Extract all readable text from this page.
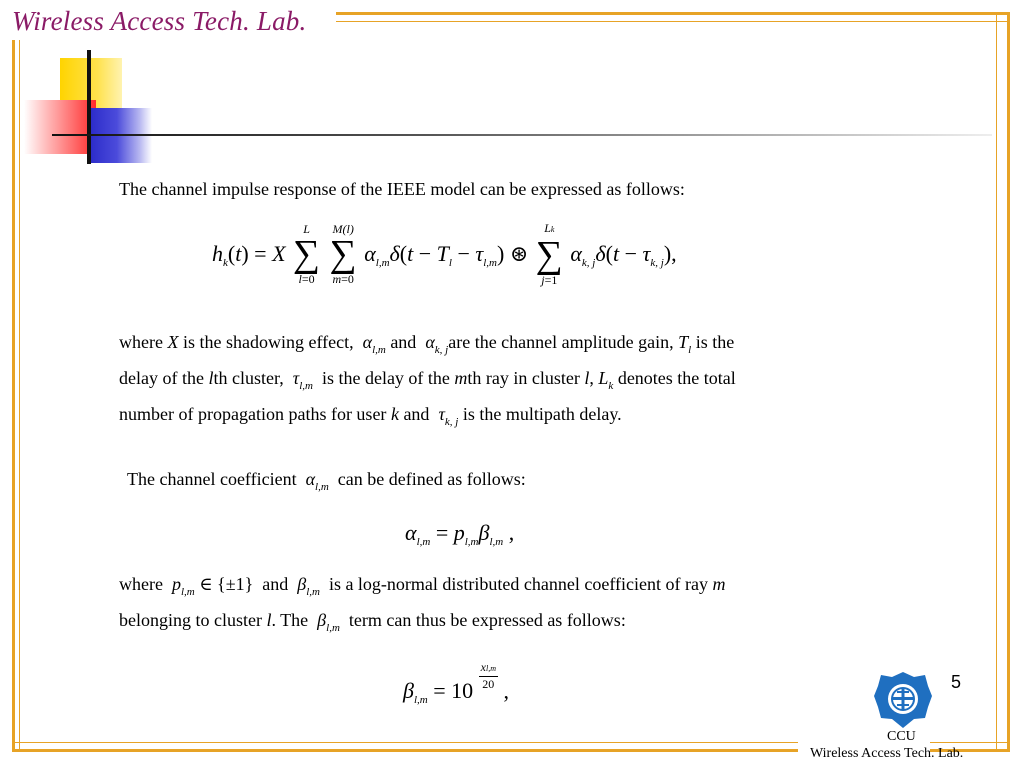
Wireless Access Tech. Lab.
The channel impulse response of the IEEE model can be expressed as follows:
$h_k(t) = X$
L
∑
l=0

M(l)
∑
m=0
$\alpha_{l,m}\delta(t - T_l - \tau_{l,m})$ ⊛
Lk
∑
j=1
$\alpha_{k, j}\delta(t - \tau_{k, j})$,
where X is the shadowing effect,  $\alpha_{l,m}$ and  $\alpha_{k, j}are$ the channel amplitude gain, $T_l$ is the
delay of the lth cluster,  $\tau_{l,m}$  is the delay of the mth ray in cluster l, $L_k$ denotes the total
number of propagation paths for user k and  $\tau_{k, j}$ is the multipath delay.
The channel coefficient  $\alpha_{l,m}$  can be defined as follows:
$\alpha_{l,m} = p_{l,m}\beta_{l,m}$ ,
where  $p_{l,m}$ ∈ {±1}  and  $\beta_{l,m}$  is a log-normal distributed channel coefficient of ray m
belonging to cluster l. The  $\beta_{l,m}$  term can thus be expressed as follows:
$\beta_{l,m} = 10 \frac{xl,m}{20}$ ,	5
CCU
Wireless Access Tech. Lab.
